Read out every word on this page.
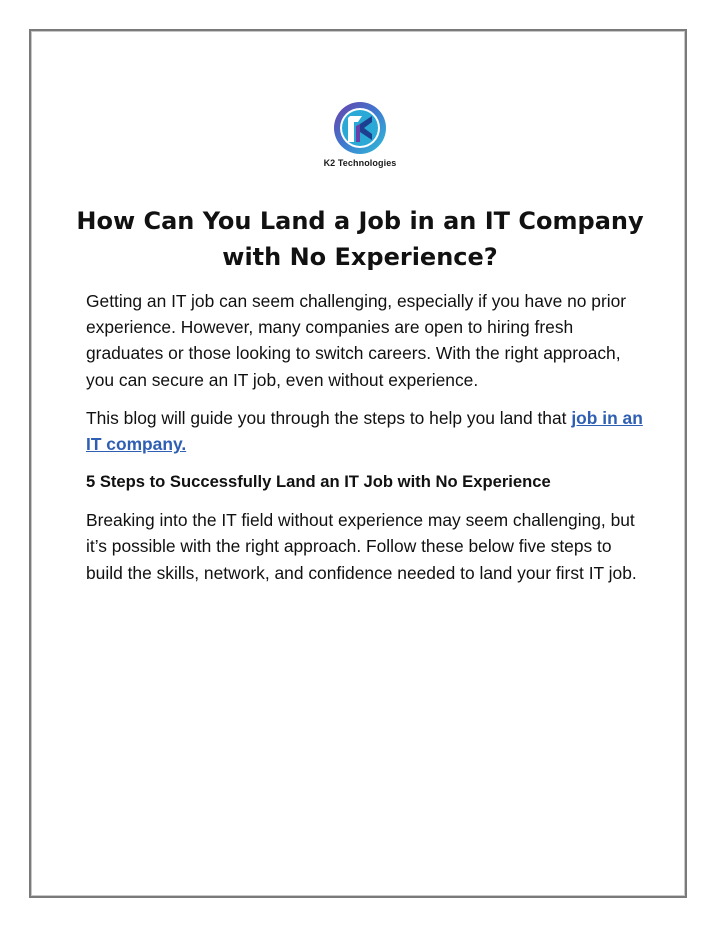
K2 Technologies
How Can You Land a Job in an IT Company with No Experience?

Getting an IT job can seem challenging, especially if you have no prior experience. However, many companies are open to hiring fresh graduates or those looking to switch careers. With the right approach, you can secure an IT job, even without experience.

This blog will guide you through the steps to help you land that job in an IT company.

5 Steps to Successfully Land an IT Job with No Experience

Breaking into the IT field without experience may seem challenging, but it’s possible with the right approach. Follow these below five steps to build the skills, network, and confidence needed to land your first IT job.
